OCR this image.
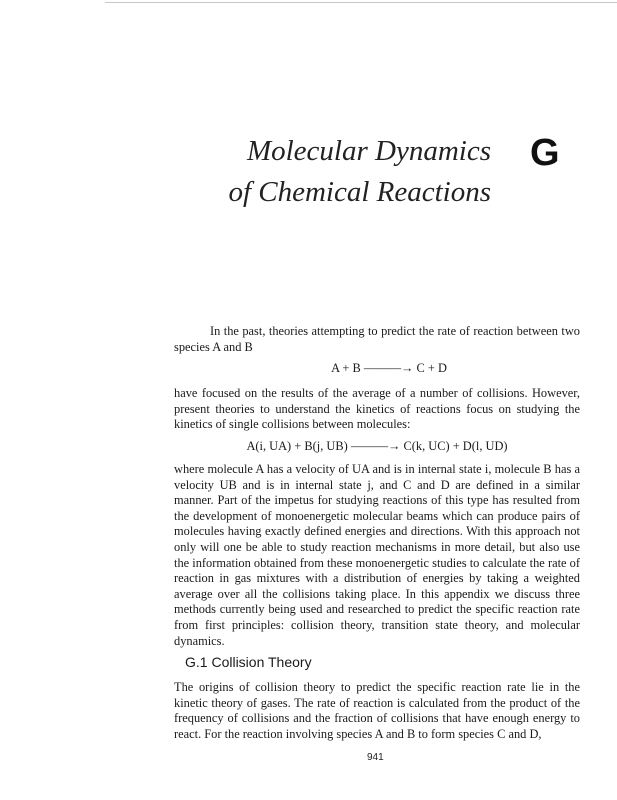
Molecular Dynamics
of Chemical Reactions
G

In the past, theories attempting to predict the rate of reaction between two species A and B

A + B ———→ C + D

have focused on the results of the average of a number of collisions. However, present theories to understand the kinetics of reactions focus on studying the kinetics of single collisions between molecules:

A(i, UA) + B(j, UB) ———→ C(k, UC) + D(l, UD)

where molecule A has a velocity of UA and is in internal state i, molecule B has a velocity UB and is in internal state j, and C and D are defined in a similar manner. Part of the impetus for studying reactions of this type has resulted from the development of monoenergetic molecular beams which can produce pairs of molecules having exactly defined energies and directions. With this approach not only will one be able to study reaction mechanisms in more detail, but also use the information obtained from these monoenergetic studies to calculate the rate of reaction in gas mixtures with a distribution of energies by taking a weighted average over all the collisions taking place. In this appendix we discuss three methods currently being used and researched to predict the specific reaction rate from first principles: collision theory, transition state theory, and molecular dynamics.

G.1 Collision Theory

The origins of collision theory to predict the specific reaction rate lie in the kinetic theory of gases. The rate of reaction is calculated from the product of the frequency of collisions and the fraction of collisions that have enough energy to react. For the reaction involving species A and B to form species C and D,

941
